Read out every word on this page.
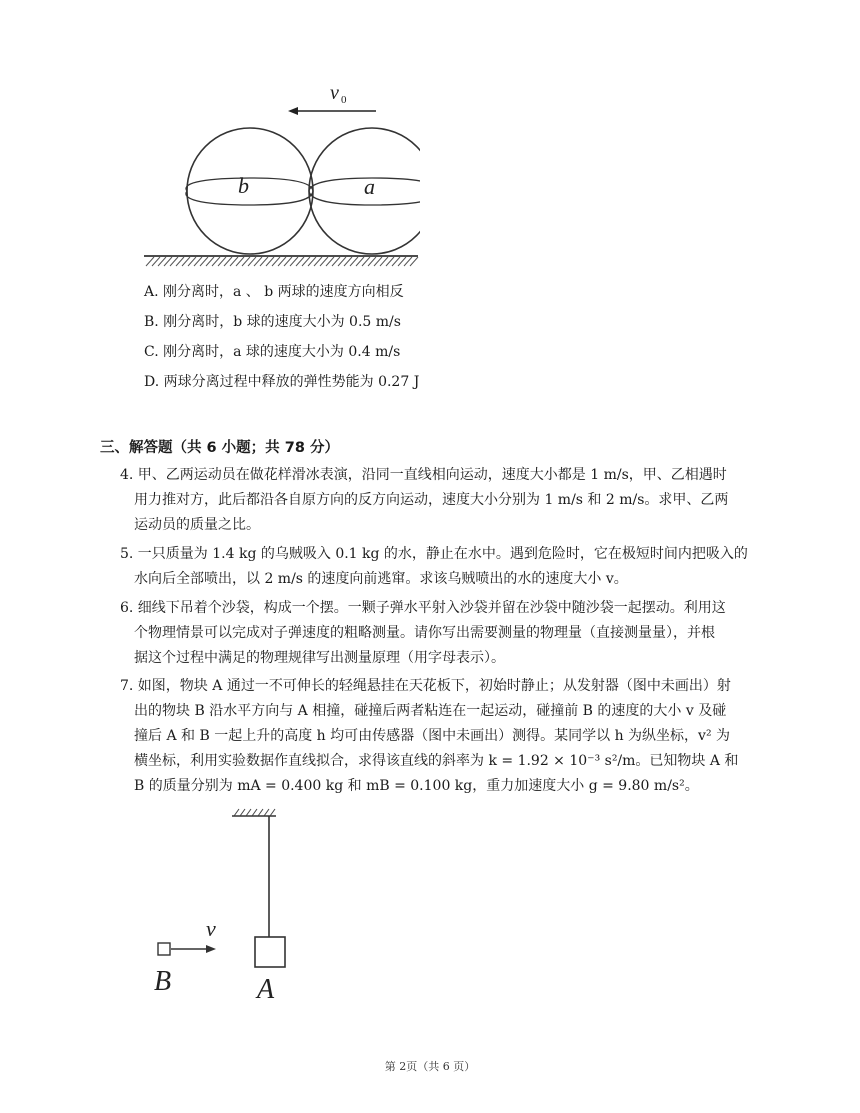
v 0
b	a
A. 刚分离时，a 、 b 两球的速度方向相反
B. 刚分离时，b 球的速度大小为 0.5 m/s
C. 刚分离时，a 球的速度大小为 0.4 m/s
D. 两球分离过程中释放的弹性势能为 0.27 J
三、解答题（共 6 小题；共 78 分）
4. 甲、乙两运动员在做花样滑冰表演，沿同一直线相向运动，速度大小都是 1 m/s，甲、乙相遇时
用力推对方，此后都沿各自原方向的反方向运动，速度大小分别为 1 m/s 和 2 m/s。求甲、乙两
运动员的质量之比。
5. 一只质量为 1.4 kg 的乌贼吸入 0.1 kg 的水，静止在水中。遇到危险时，它在极短时间内把吸入的
水向后全部喷出，以 2 m/s 的速度向前逃窜。求该乌贼喷出的水的速度大小 v。
6. 细线下吊着个沙袋，构成一个摆。一颗子弹水平射入沙袋并留在沙袋中随沙袋一起摆动。利用这
个物理情景可以完成对子弹速度的粗略测量。请你写出需要测量的物理量（直接测量量），并根
据这个过程中满足的物理规律写出测量原理（用字母表示）。
7. 如图，物块 A 通过一不可伸长的轻绳悬挂在天花板下，初始时静止；从发射器（图中未画出）射
出的物块 B 沿水平方向与 A 相撞，碰撞后两者粘连在一起运动，碰撞前 B 的速度的大小 v 及碰
撞后 A 和 B 一起上升的高度 h 均可由传感器（图中未画出）测得。某同学以 h 为纵坐标，v² 为
横坐标，利用实验数据作直线拟合，求得该直线的斜率为 k = 1.92 × 10⁻³ s²/m。已知物块 A 和
B 的质量分别为 mA = 0.400 kg 和 mB = 0.100 kg，重力加速度大小 g = 9.80 m/s²。
A
v
B
第 2页（共 6 页）
